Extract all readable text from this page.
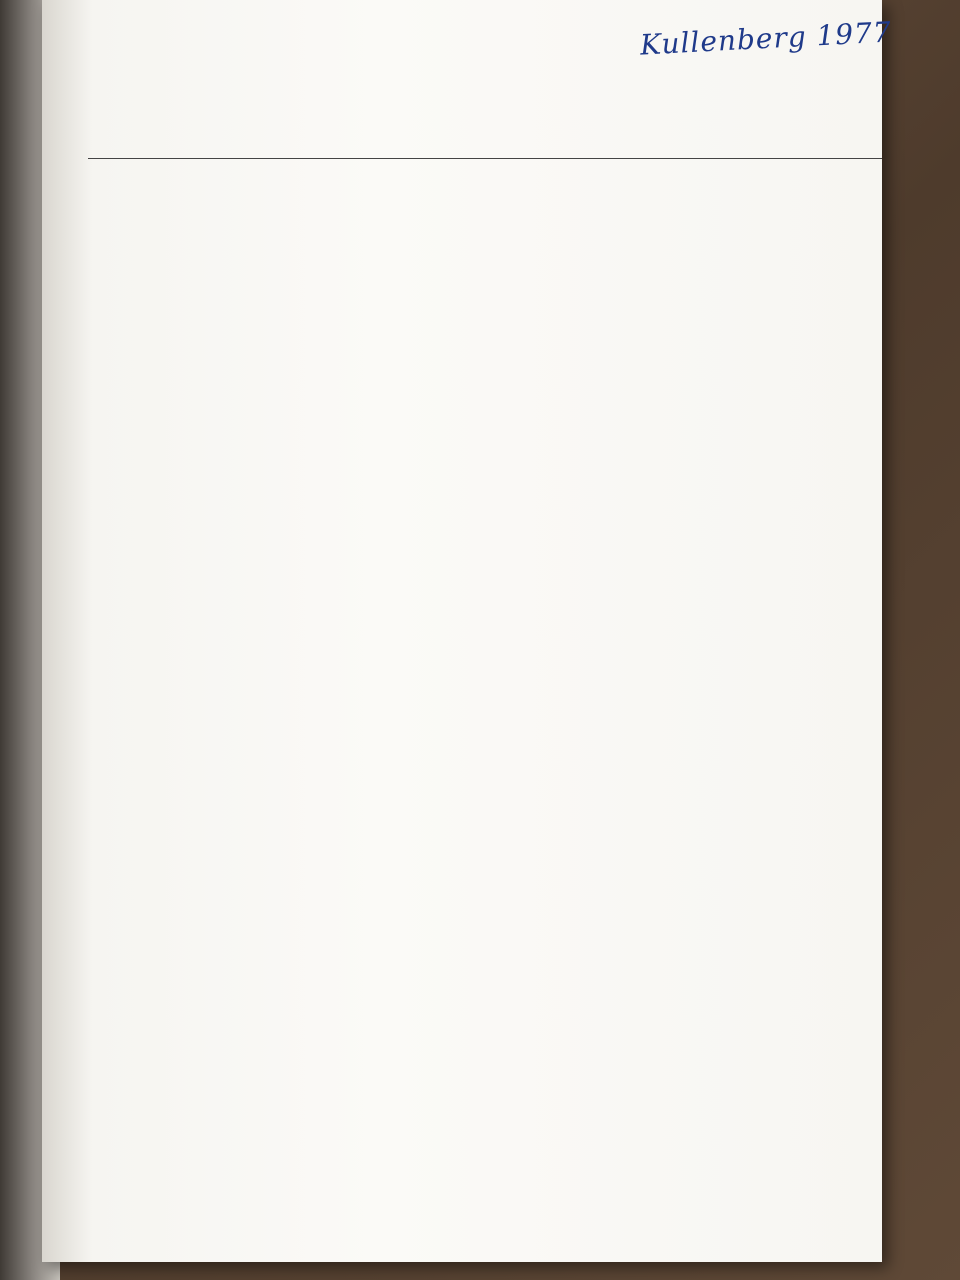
Kullenberg 1977
